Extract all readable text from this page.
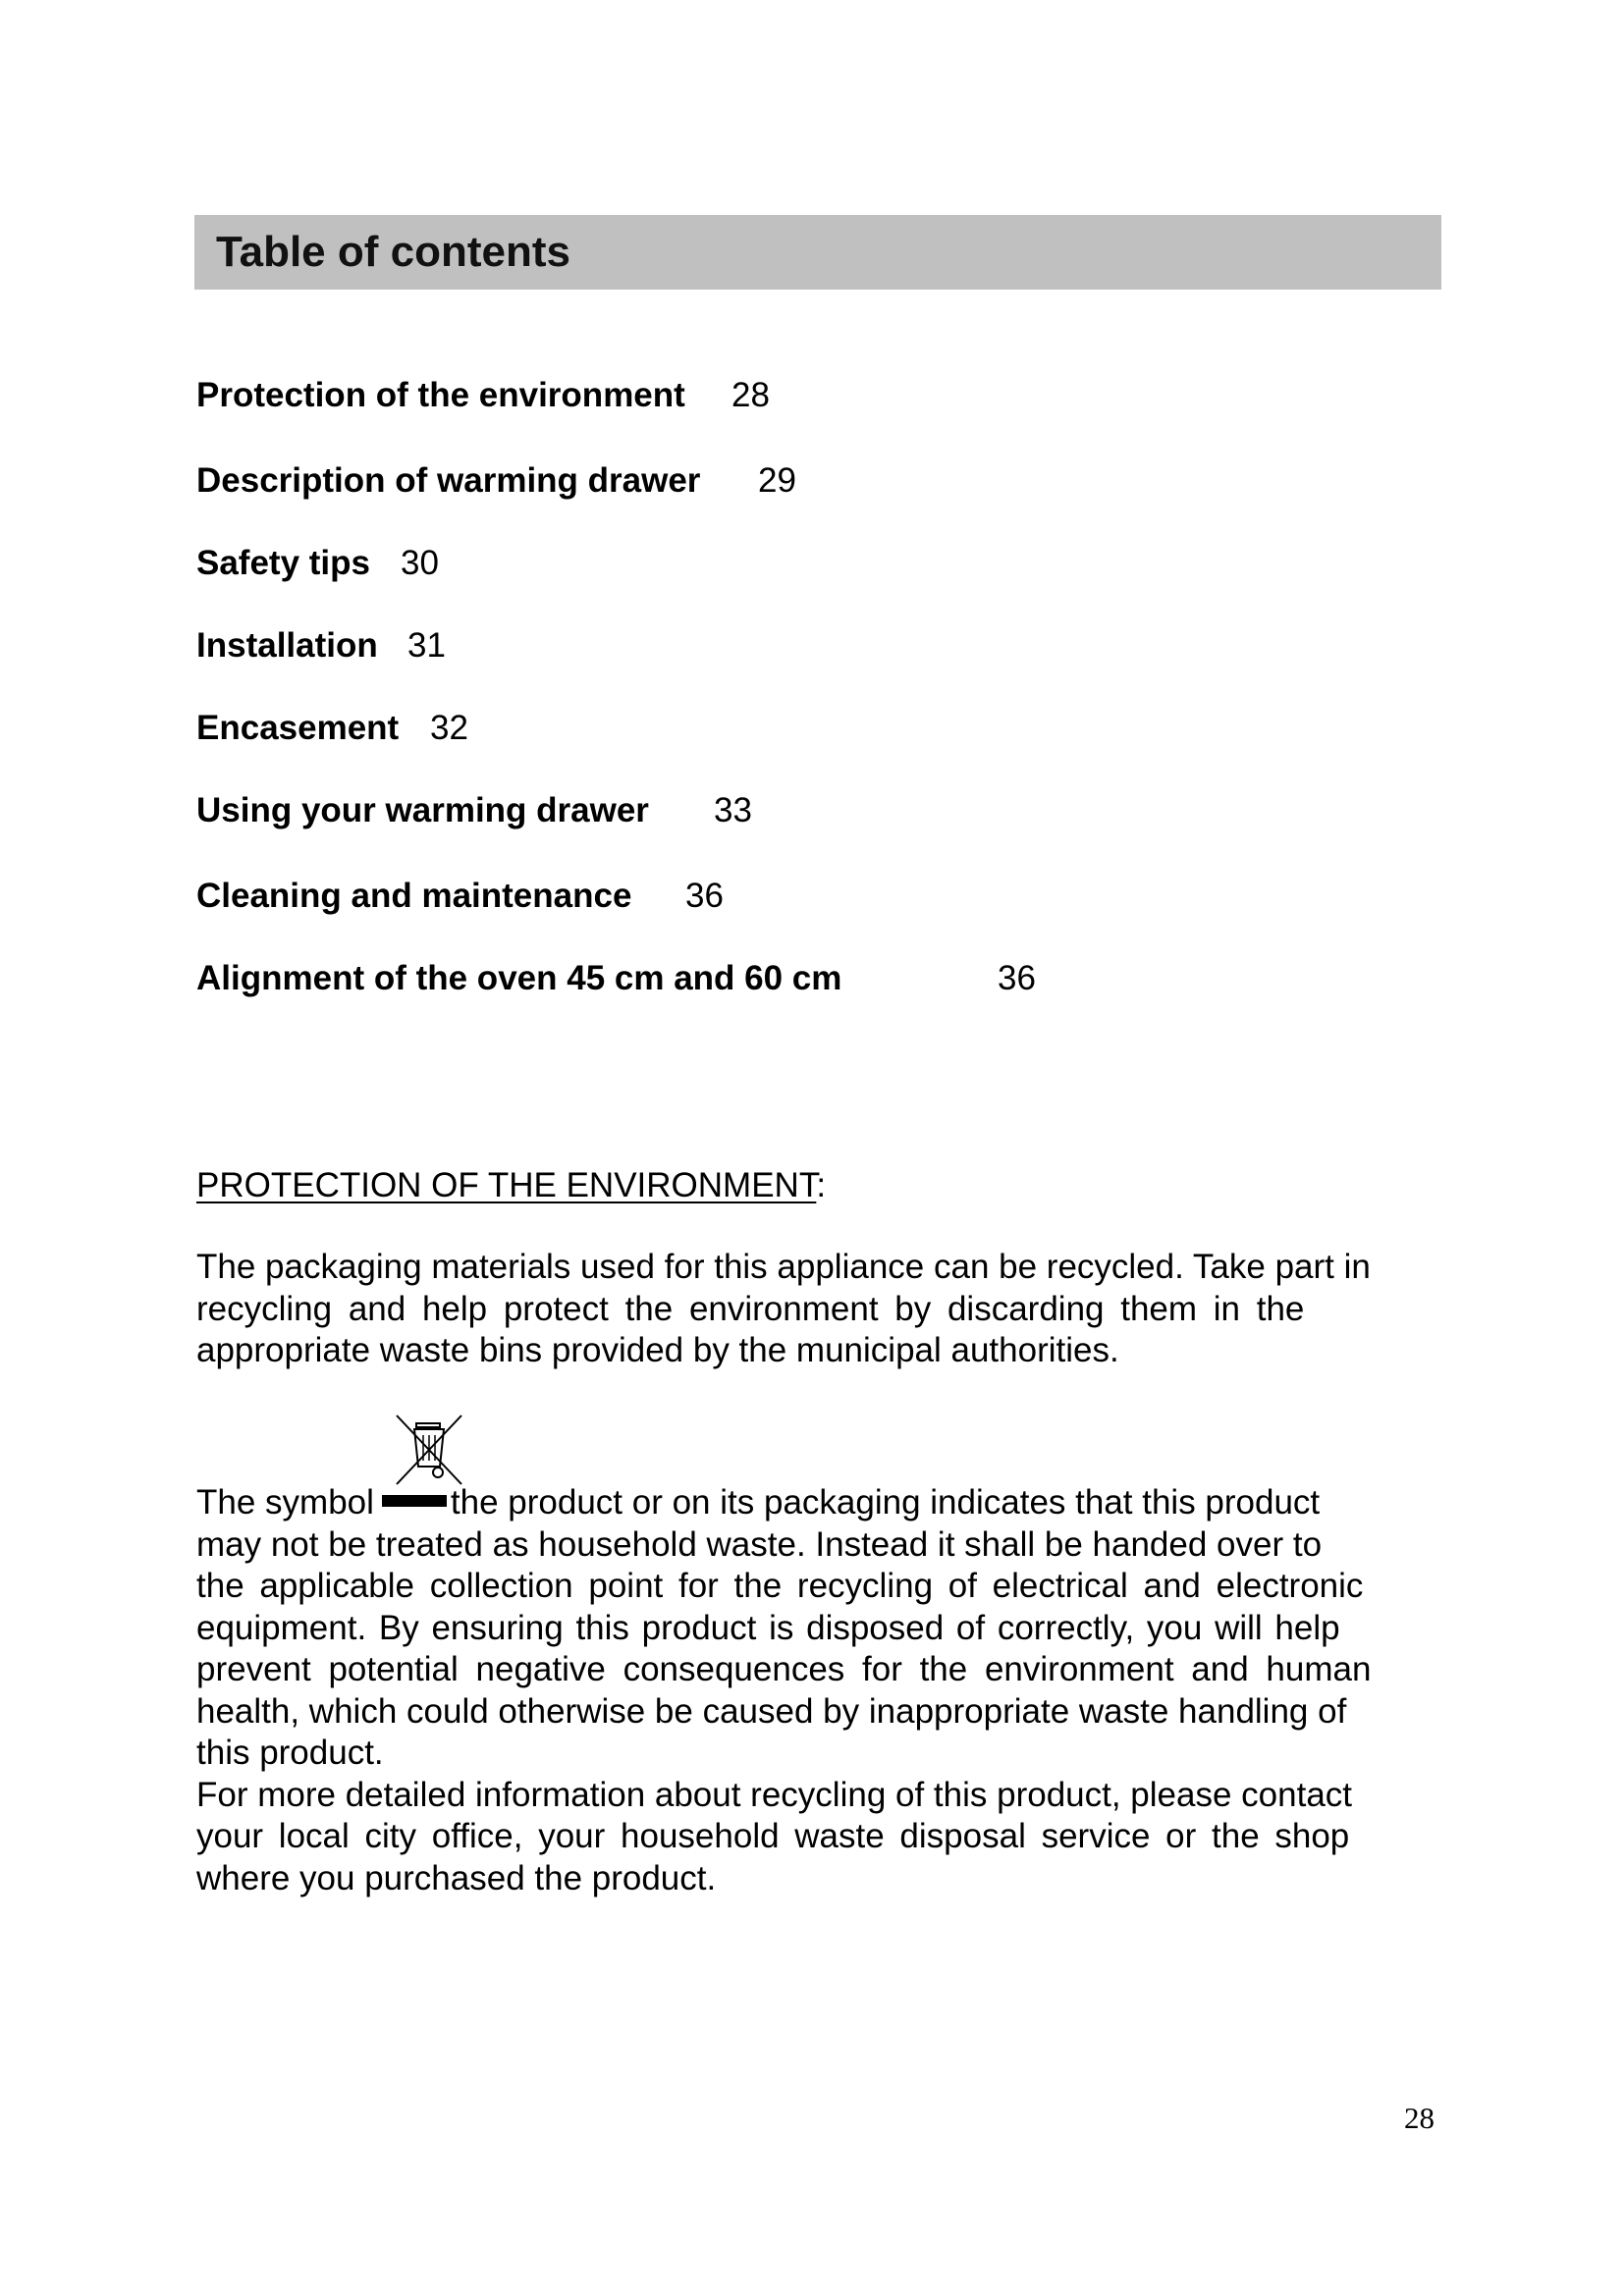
Table of contents
Protection of the environment 28
Description of warming drawer 29
Safety tips 30
Installation 31
Encasement 32
Using your warming drawer 33
Cleaning and maintenance 36
Alignment of the oven 45 cm and 60 cm	36
PROTECTION OF THE ENVIRONMENT:
The packaging materials used for this appliance can be recycled. Take part in
recycling and help protect the environment by discarding them in the
appropriate waste bins provided by the municipal authorities.
The symbol the product or on its packaging indicates that this product
may not be treated as household waste. Instead it shall be handed over to
the applicable collection point for the recycling of electrical and electronic
equipment. By ensuring this product is disposed of correctly, you will help
prevent potential negative consequences for the environment and human
health, which could otherwise be caused by inappropriate waste handling of
this product.
For more detailed information about recycling of this product, please contact
your local city office, your household waste disposal service or the shop
where you purchased the product.
28
